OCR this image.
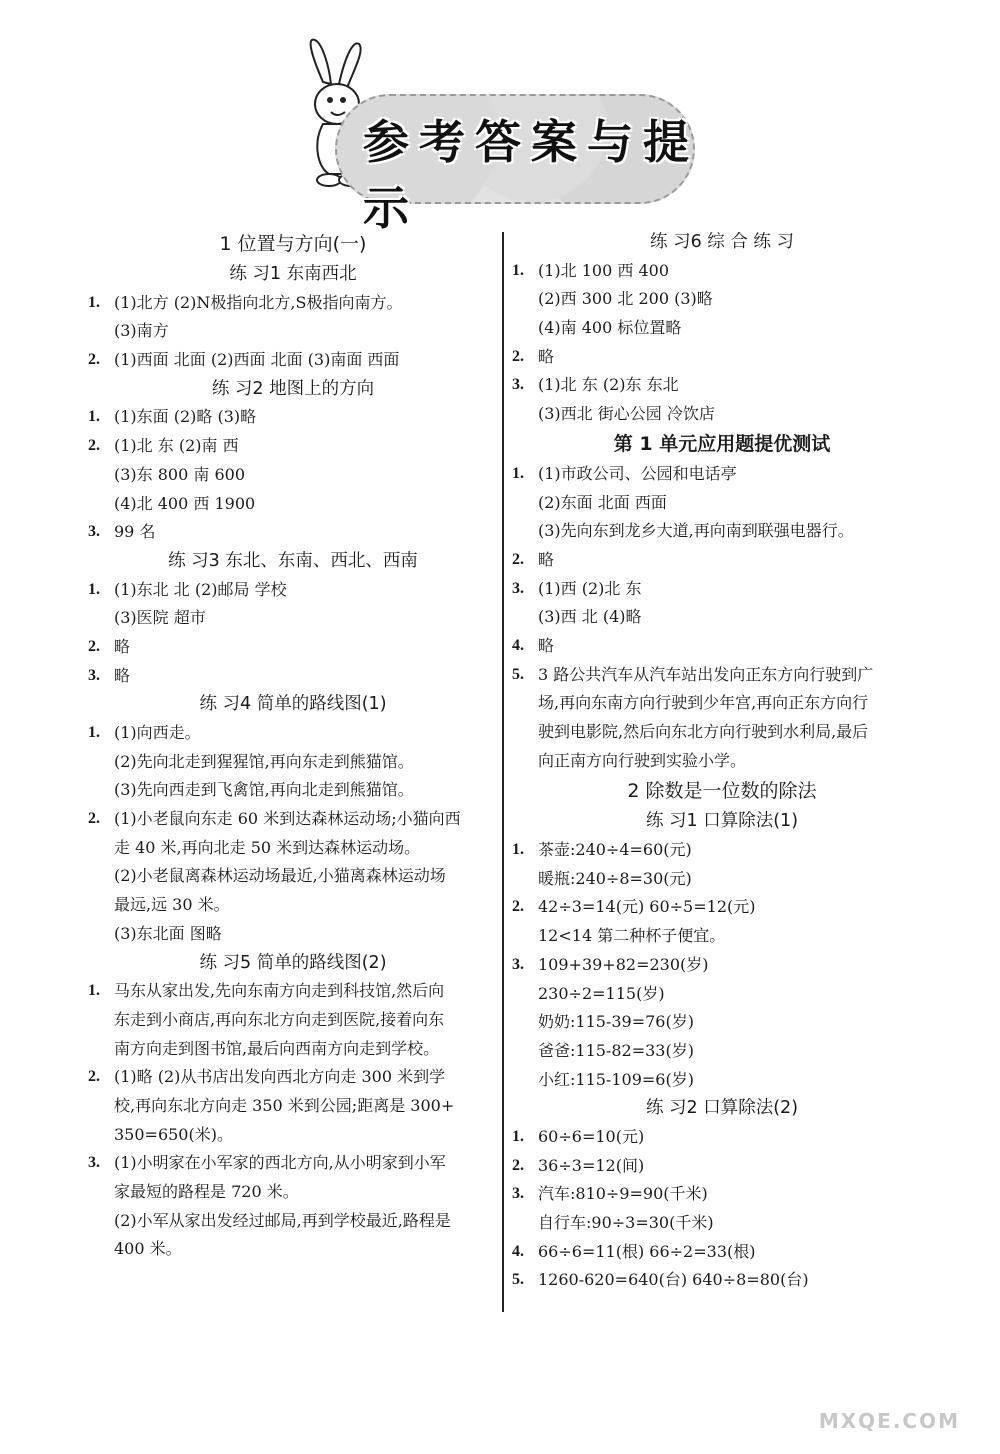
参考答案与提示
1 位置与方向(一)
练 习1 东南西北
1. (1)北方 (2)N极指向北方,S极指向南方。
(3)南方
2. (1)西面 北面 (2)西面 北面 (3)南面 西面
练 习2 地图上的方向
1. (1)东面 (2)略 (3)略
2. (1)北 东 (2)南 西
(3)东 800 南 600
(4)北 400 西 1900
3. 99 名
练 习3 东北、东南、西北、西南
1. (1)东北 北 (2)邮局 学校
(3)医院 超市
2. 略
3. 略
练 习4 简单的路线图(1)
1. (1)向西走。
(2)先向北走到猩猩馆,再向东走到熊猫馆。
(3)先向西走到飞禽馆,再向北走到熊猫馆。
2. (1)小老鼠向东走 60 米到达森林运动场;小猫向西
走 40 米,再向北走 50 米到达森林运动场。
(2)小老鼠离森林运动场最近,小猫离森林运动场
最远,远 30 米。
(3)东北面 图略
练 习5 简单的路线图(2)
1. 马东从家出发,先向东南方向走到科技馆,然后向
东走到小商店,再向东北方向走到医院,接着向东
南方向走到图书馆,最后向西南方向走到学校。
2. (1)略 (2)从书店出发向西北方向走 300 米到学
校,再向东北方向走 350 米到公园;距离是 300+
350=650(米)。
3. (1)小明家在小军家的西北方向,从小明家到小军
家最短的路程是 720 米。
(2)小军从家出发经过邮局,再到学校最近,路程是
400 米。
练 习6 综 合 练 习
1. (1)北 100 西 400
(2)西 300 北 200 (3)略
(4)南 400 标位置略
2. 略
3. (1)北 东 (2)东 东北
(3)西北 街心公园 冷饮店
第 1 单元应用题提优测试
1. (1)市政公司、公园和电话亭
(2)东面 北面 西面
(3)先向东到龙乡大道,再向南到联强电器行。
2. 略
3. (1)西 (2)北 东
(3)西 北 (4)略
4. 略
5. 3 路公共汽车从汽车站出发向正东方向行驶到广
场,再向东南方向行驶到少年宫,再向正东方向行
驶到电影院,然后向东北方向行驶到水利局,最后
向正南方向行驶到实验小学。
2 除数是一位数的除法
练 习1 口算除法(1)
1. 茶壶:240÷4=60(元)
暖瓶:240÷8=30(元)
2. 42÷3=14(元) 60÷5=12(元)
12<14 第二种杯子便宜。
3. 109+39+82=230(岁)
230÷2=115(岁)
奶奶:115-39=76(岁)
爸爸:115-82=33(岁)
小红:115-109=6(岁)
练 习2 口算除法(2)
1. 60÷6=10(元)
2. 36÷3=12(间)
3. 汽车:810÷9=90(千米)
自行车:90÷3=30(千米)
4. 66÷6=11(根) 66÷2=33(根)
5. 1260-620=640(台) 640÷8=80(台)
MXQE.COM
